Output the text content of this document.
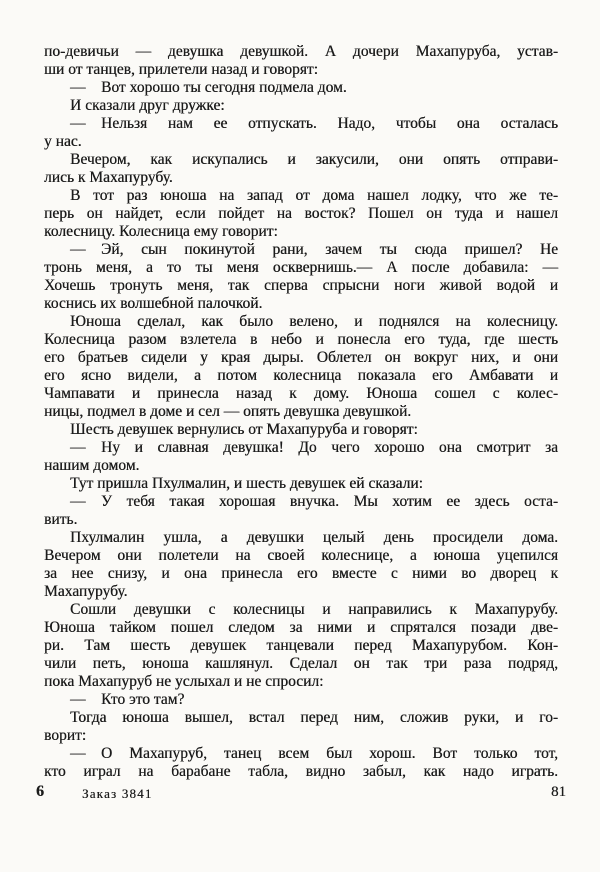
по-девичьи — девушка девушкой. А дочери Махапуруба, устав-
ши от танцев, прилетели назад и говорят:
— Вот хорошо ты сегодня подмела дом.
И сказали друг дружке:
— Нельзя нам ее отпускать. Надо, чтобы она осталась
у нас.
Вечером, как искупались и закусили, они опять отправи-
лись к Махапурубу.
В тот раз юноша на запад от дома нашел лодку, что же те-
перь он найдет, если пойдет на восток? Пошел он туда и нашел
колесницу. Колесница ему говорит:
— Эй, сын покинутой рани, зачем ты сюда пришел? Не
тронь меня, а то ты меня осквернишь.— А после добавила: —
Хочешь тронуть меня, так сперва спрысни ноги живой водой и
коснись их волшебной палочкой.
Юноша сделал, как было велено, и поднялся на колесницу.
Колесница разом взлетела в небо и понесла его туда, где шесть
его братьев сидели у края дыры. Облетел он вокруг них, и они
его ясно видели, а потом колесница показала его Амбавати и
Чампавати и принесла назад к дому. Юноша сошел с колес-
ницы, подмел в доме и сел — опять девушка девушкой.
Шесть девушек вернулись от Махапуруба и говорят:
— Ну и славная девушка! До чего хорошо она смотрит за
нашим домом.
Тут пришла Пхулмалин, и шесть девушек ей сказали:
— У тебя такая хорошая внучка. Мы хотим ее здесь оста-
вить.
Пхулмалин ушла, а девушки целый день просидели дома.
Вечером они полетели на своей колеснице, а юноша уцепился
за нее снизу, и она принесла его вместе с ними во дворец к
Махапурубу.
Сошли девушки с колесницы и направились к Махапурубу.
Юноша тайком пошел следом за ними и спрятался позади две-
ри. Там шесть девушек танцевали перед Махапурубом. Кон-
чили петь, юноша кашлянул. Сделал он так три раза подряд,
пока Махапуруб не услыхал и не спросил:
— Кто это там?
Тогда юноша вышел, встал перед ним, сложив руки, и го-
ворит:
— О Махапуруб, танец всем был хорош. Вот только тот,
кто играл на барабане табла, видно забыл, как надо играть.
6	Заказ 3841	81
